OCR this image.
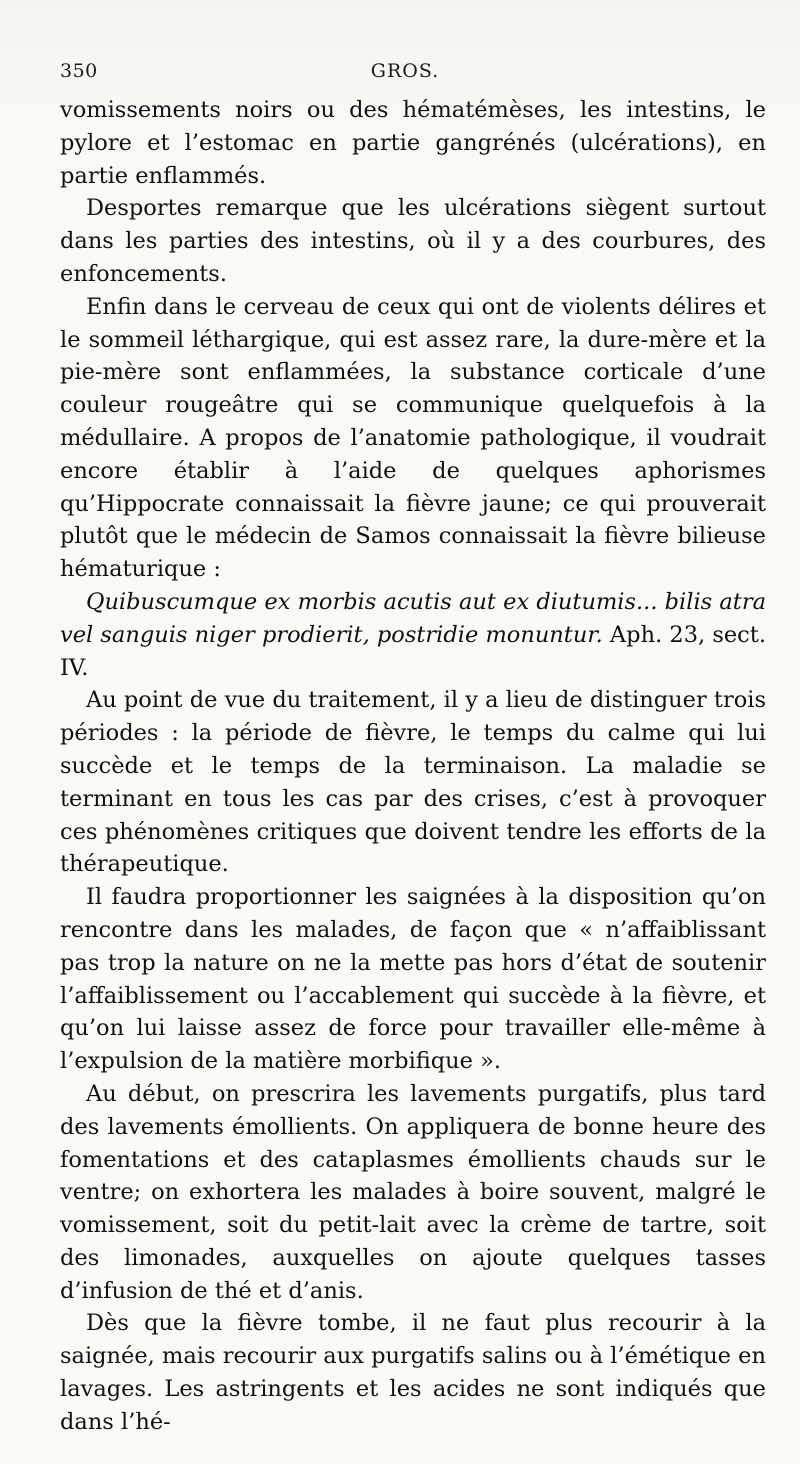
350	GROS.

vomissements noirs ou des hématémèses, les intestins, le pylore et l’estomac en partie gangrénés (ulcérations), en partie enflammés.

Desportes remarque que les ulcérations siègent surtout dans les parties des intestins, où il y a des courbures, des enfoncements.

Enfin dans le cerveau de ceux qui ont de violents délires et le sommeil léthargique, qui est assez rare, la dure-mère et la pie-mère sont enflammées, la substance corticale d’une couleur rougeâtre qui se communique quelquefois à la médullaire. A propos de l’anatomie pathologique, il voudrait encore établir à l’aide de quelques aphorismes qu’Hippocrate connaissait la fièvre jaune; ce qui prouverait plutôt que le médecin de Samos connaissait la fièvre bilieuse hématurique :

Quibuscumque ex morbis acutis aut ex diutumis... bilis atra vel sanguis niger prodierit, postridie monuntur. Aph. 23, sect. IV.

Au point de vue du traitement, il y a lieu de distinguer trois périodes : la période de fièvre, le temps du calme qui lui succède et le temps de la terminaison. La maladie se terminant en tous les cas par des crises, c’est à provoquer ces phénomènes critiques que doivent tendre les efforts de la thérapeutique.

Il faudra proportionner les saignées à la disposition qu’on rencontre dans les malades, de façon que « n’affaiblissant pas trop la nature on ne la mette pas hors d’état de soutenir l’affaiblissement ou l’accablement qui succède à la fièvre, et qu’on lui laisse assez de force pour travailler elle-même à l’expulsion de la matière morbifique ».

Au début, on prescrira les lavements purgatifs, plus tard des lavements émollients. On appliquera de bonne heure des fomentations et des cataplasmes émollients chauds sur le ventre; on exhortera les malades à boire souvent, malgré le vomissement, soit du petit-lait avec la crème de tartre, soit des limonades, auxquelles on ajoute quelques tasses d’infusion de thé et d’anis.

Dès que la fièvre tombe, il ne faut plus recourir à la saignée, mais recourir aux purgatifs salins ou à l’émétique en lavages. Les astringents et les acides ne sont indiqués que dans l’hé-
